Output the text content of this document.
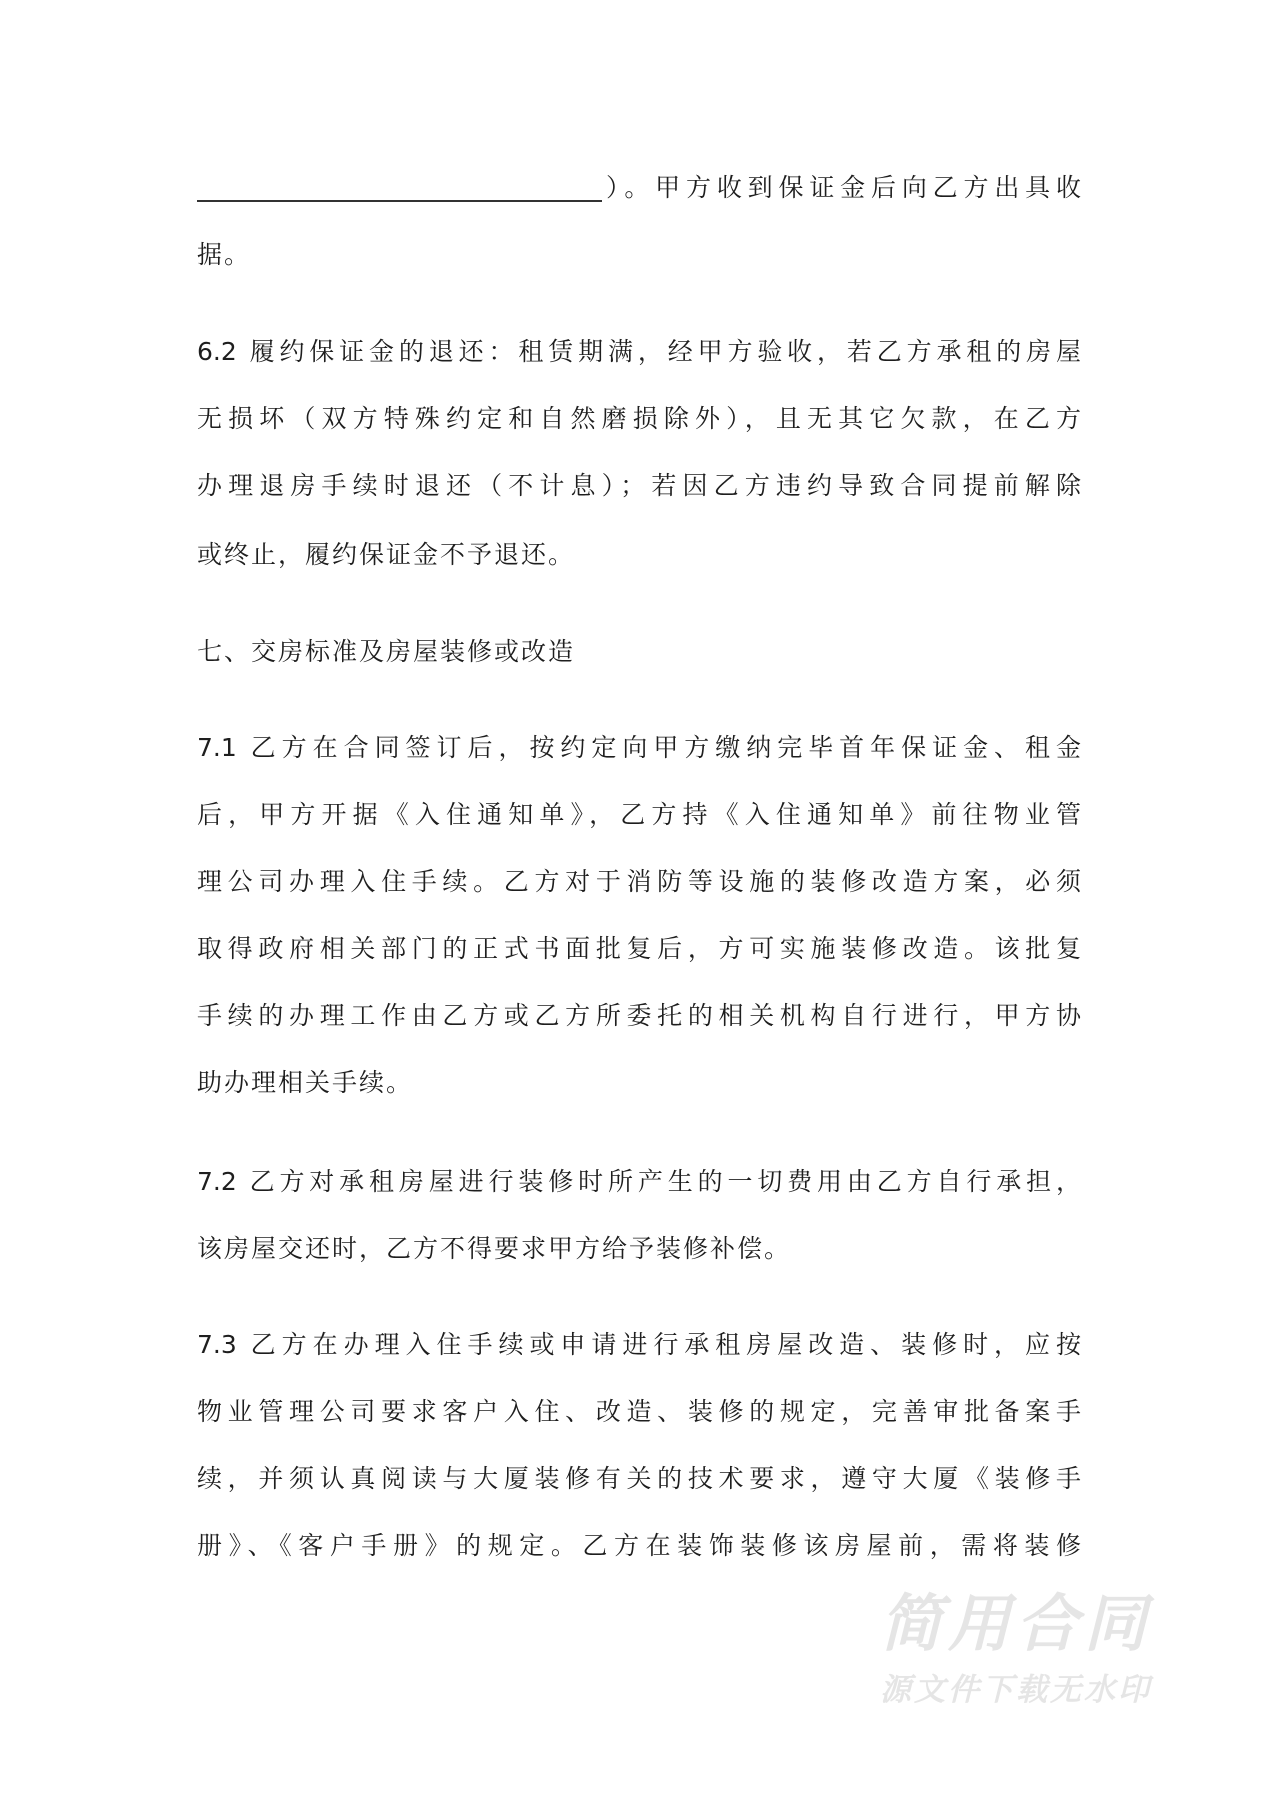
）。甲方收到保证金后向乙方出具收
据。
6.2 履约保证金的退还：租赁期满，经甲方验收，若乙方承租的房屋
无损坏（双方特殊约定和自然磨损除外），且无其它欠款，在乙方
办理退房手续时退还（不计息）；若因乙方违约导致合同提前解除
或终止，履约保证金不予退还。
七、交房标准及房屋装修或改造
7.1 乙方在合同签订后，按约定向甲方缴纳完毕首年保证金、租金
后，甲方开据《入住通知单》，乙方持《入住通知单》前往物业管
理公司办理入住手续。乙方对于消防等设施的装修改造方案，必须
取得政府相关部门的正式书面批复后，方可实施装修改造。该批复
手续的办理工作由乙方或乙方所委托的相关机构自行进行，甲方协
助办理相关手续。
7.2 乙方对承租房屋进行装修时所产生的一切费用由乙方自行承担，
该房屋交还时，乙方不得要求甲方给予装修补偿。
7.3 乙方在办理入住手续或申请进行承租房屋改造、装修时，应按
物业管理公司要求客户入住、改造、装修的规定，完善审批备案手
续，并须认真阅读与大厦装修有关的技术要求，遵守大厦《装修手
册》、《客户手册》的规定。乙方在装饰装修该房屋前，需将装修
简用合同
源文件下载无水印
